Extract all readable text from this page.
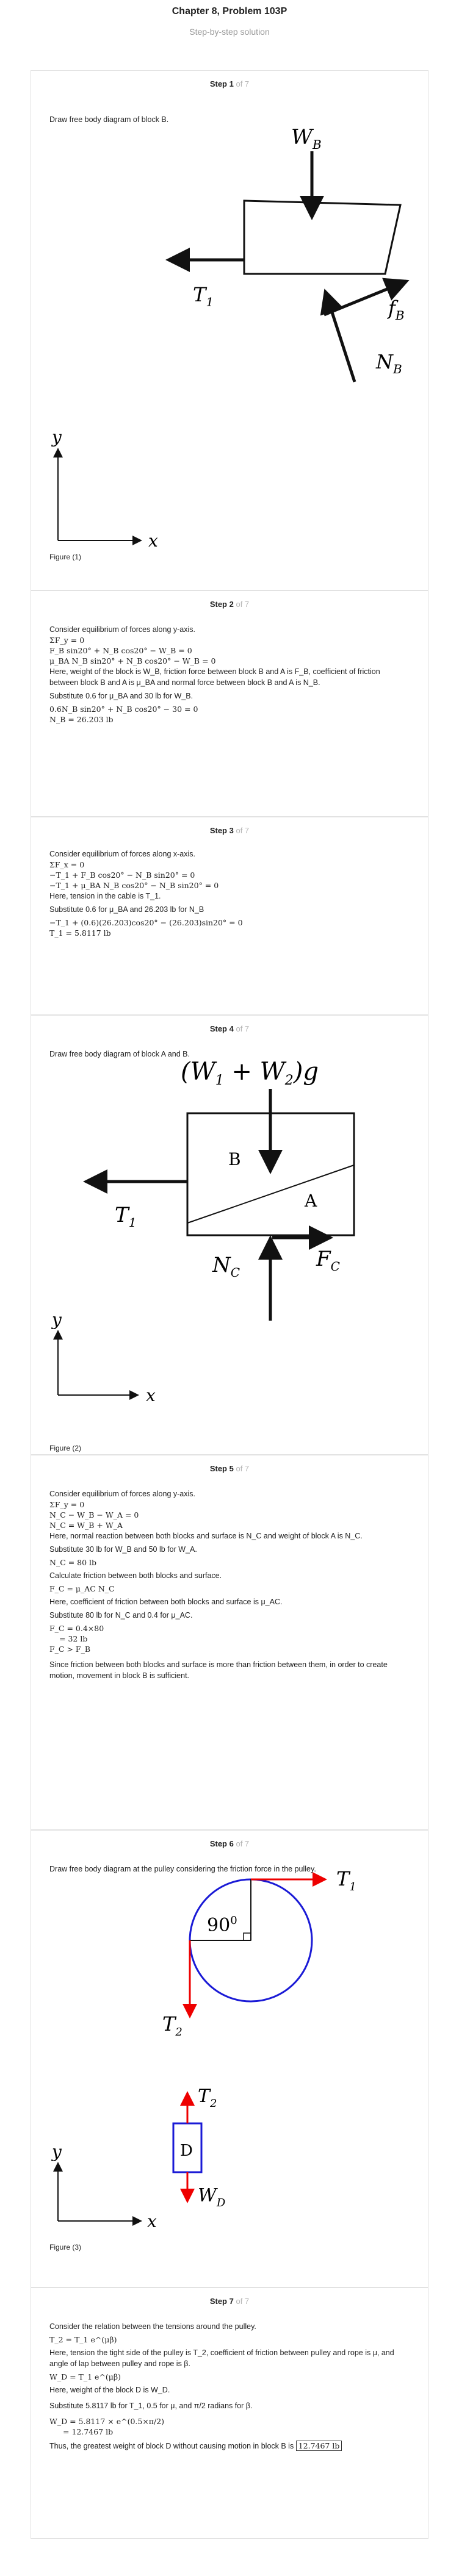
Chapter 8, Problem 103P
Step-by-step solution
Step 1 of 7
Draw free body diagram of block B.
$W_B$
$T_1$	$f_B$
$N_B$
y
x
Figure (1)
Step 2 of 7
Consider equilibrium of forces along y-axis.
ΣF_y = 0
F_B sin20° + N_B cos20° − W_B = 0
μ_BA N_B sin20° + N_B cos20° − W_B = 0
Here, weight of the block is W_B, friction force between block B and A is F_B, coefficient of friction between block B and A is μ_BA and normal force between block B and A is N_B.
Substitute 0.6 for μ_BA and 30 lb for W_B.
0.6N_B sin20° + N_B cos20° − 30 = 0
N_B = 26.203 lb
Step 3 of 7
Consider equilibrium of forces along x-axis.
ΣF_x = 0
−T_1 + F_B cos20° − N_B sin20° = 0
−T_1 + μ_BA N_B cos20° − N_B sin20° = 0
Here, tension in the cable is T_1.
Substitute 0.6 for μ_BA and 26.203 lb for N_B
−T_1 + (0.6)(26.203)cos20° − (26.203)sin20° = 0
T_1 = 5.8117 lb
Step 4 of 7
Draw free body diagram of block A and B.
$(W_1 + W_2)g$
B
A
$T_1$
$N_C$
$F_C$
y
x
Figure (2)
Step 5 of 7
Consider equilibrium of forces along y-axis.
ΣF_y = 0
N_C − W_B − W_A = 0
N_C = W_B + W_A
Here, normal reaction between both blocks and surface is N_C and weight of block A is N_C.
Substitute 30 lb for W_B and 50 lb for W_A.
N_C = 80 lb
Calculate friction between both blocks and surface.
F_C = μ_AC N_C
Here, coefficient of friction between both blocks and surface is μ_AC.
Substitute 80 lb for N_C and 0.4 for μ_AC.
F_C = 0.4×80
= 32 lb
F_C > F_B
Since friction between both blocks and surface is more than friction between them, in order to create motion, movement in block B is sufficient.
Step 6 of 7
Draw free body diagram at the pulley considering the friction force in the pulley.
$90^0$
$T_1$
$T_2$
D
$T_2$
$W_D$
y
x
Figure (3)
Step 7 of 7
Consider the relation between the tensions around the pulley.
T_2 = T_1 e^(μβ)
Here, tension the tight side of the pulley is T_2, coefficient of friction between pulley and rope is μ, and angle of lap between pulley and rope is β.
W_D = T_1 e^(μβ)
Here, weight of the block D is W_D.
Substitute 5.8117 lb for T_1, 0.5 for μ, and π/2 radians for β.
W_D = 5.8117 × e^(0.5×π/2)
= 12.7467 lb
Thus, the greatest weight of block D without causing motion in block B is 12.7467 lb
